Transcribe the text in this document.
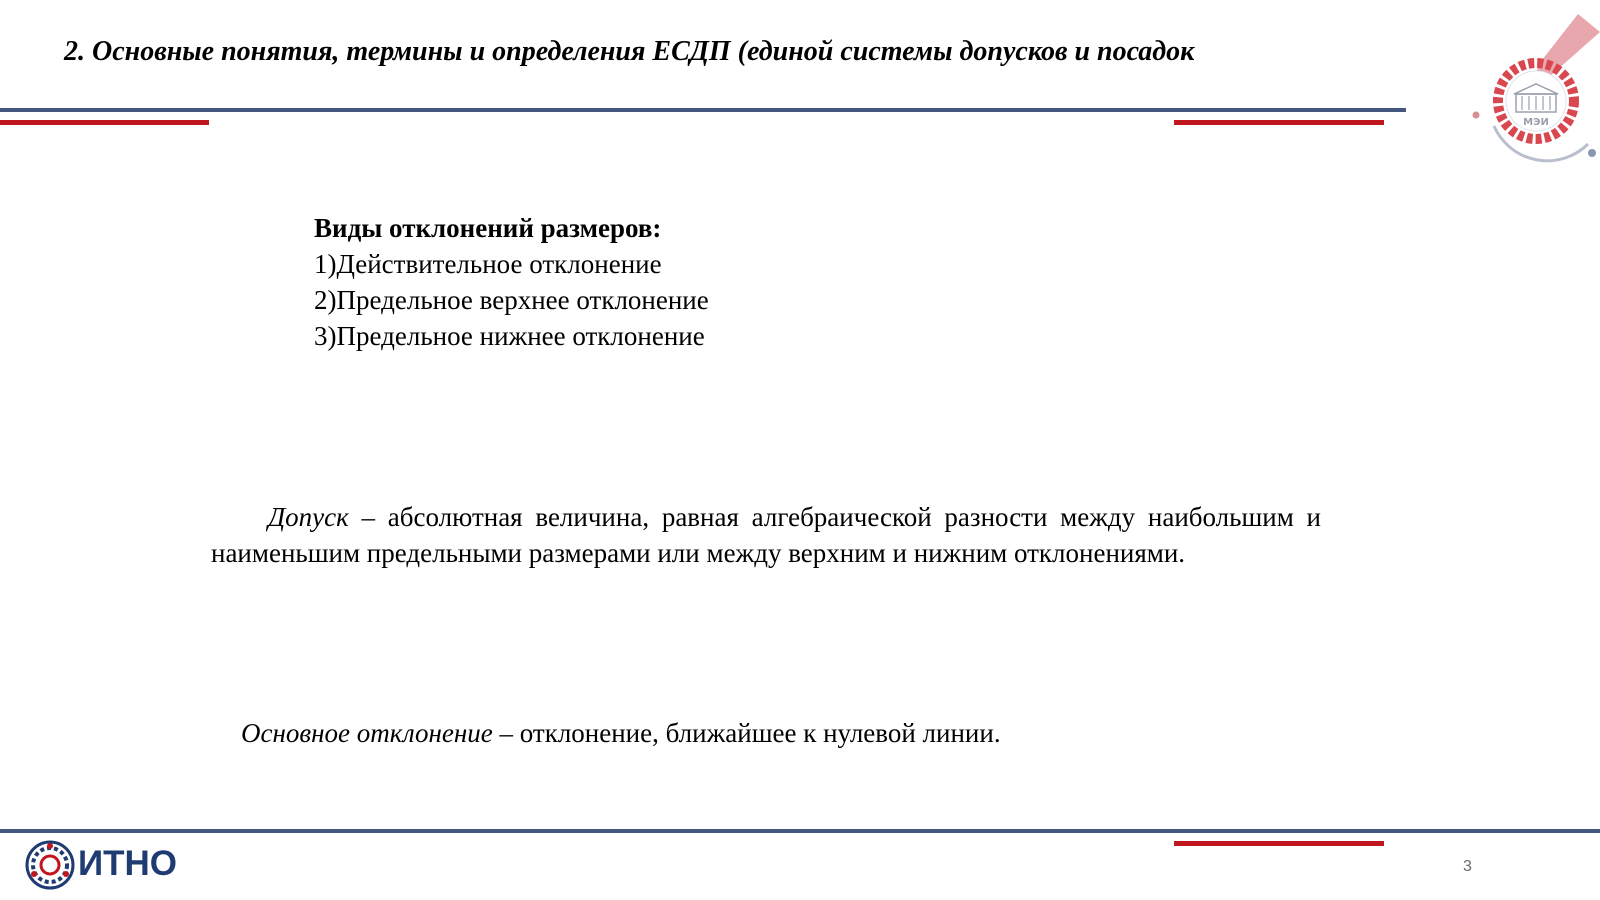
2. Основные понятия, термины и определения ЕСДП (единой системы допусков и посадок
МЭИ
Виды отклонений размеров:
1)Действительное отклонение
2)Предельное верхнее отклонение
3)Предельное нижнее отклонение

Допуск – абсолютная величина, равная алгебраической разности между наибольшим и наименьшим предельными размерами или между верхним и нижним отклонениями.

Основное отклонение – отклонение, ближайшее к нулевой линии.

ИТНО	3
